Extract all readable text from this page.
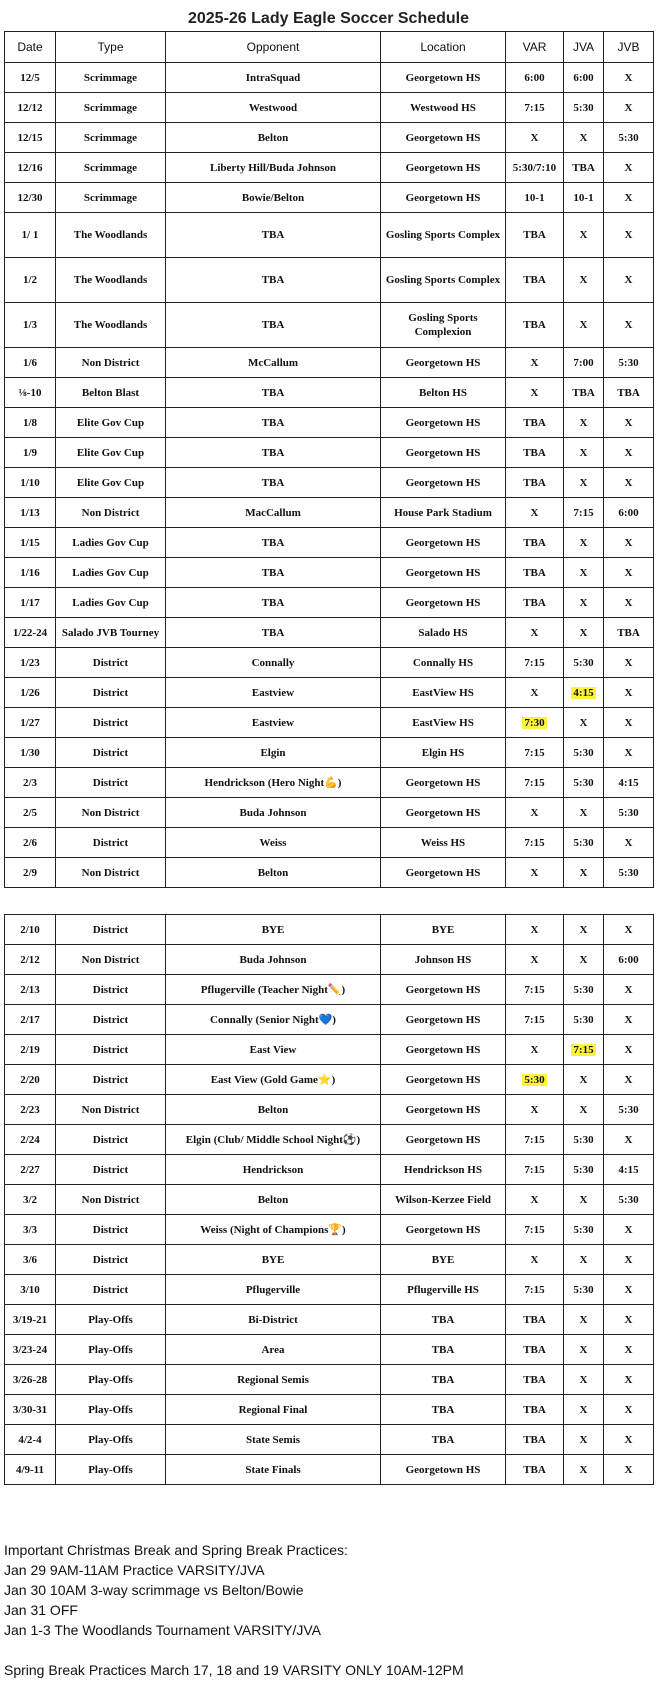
2025-26 Lady Eagle Soccer Schedule
Date	Type	Opponent	Location	VAR	JVA	JVB
12/5	Scrimmage	IntraSquad	Georgetown HS	6:00	6:00	X
12/12	Scrimmage	Westwood	Westwood HS	7:15	5:30	X
12/15	Scrimmage	Belton	Georgetown HS	X	X	5:30
12/16	Scrimmage	Liberty Hill/Buda Johnson	Georgetown HS	5:30/7:10	TBA	X
12/30	Scrimmage	Bowie/Belton	Georgetown HS	10-1	10-1	X
1/ 1	The Woodlands	TBA	Gosling Sports Complex	TBA	X	X
1/2	The Woodlands	TBA	Gosling Sports Complex	TBA	X	X
1/3	The Woodlands	TBA	Gosling Sports Complexion	TBA	X	X
1/6	Non District	McCallum	Georgetown HS	X	7:00	5:30
⅛-10	Belton Blast	TBA	Belton HS	X	TBA	TBA
1/8	Elite Gov Cup	TBA	Georgetown HS	TBA	X	X
1/9	Elite Gov Cup	TBA	Georgetown HS	TBA	X	X
1/10	Elite Gov Cup	TBA	Georgetown HS	TBA	X	X
1/13	Non District	MacCallum	House Park Stadium	X	7:15	6:00
1/15	Ladies Gov Cup	TBA	Georgetown HS	TBA	X	X
1/16	Ladies Gov Cup	TBA	Georgetown HS	TBA	X	X
1/17	Ladies Gov Cup	TBA	Georgetown HS	TBA	X	X
1/22-24	Salado JVB Tourney	TBA	Salado HS	X	X	TBA
1/23	District	Connally	Connally HS	7:15	5:30	X
1/26	District	Eastview	EastView HS	X	4:15	X
1/27	District	Eastview	EastView HS	7:30	X	X
1/30	District	Elgin	Elgin HS	7:15	5:30	X
2/3	District	Hendrickson (Hero Night💪)	Georgetown HS	7:15	5:30	4:15
2/5	Non District	Buda Johnson	Georgetown HS	X	X	5:30
2/6	District	Weiss	Weiss HS	7:15	5:30	X
2/9	Non District	Belton	Georgetown HS	X	X	5:30
2/10	District	BYE	BYE	X	X	X
2/12	Non District	Buda Johnson	Johnson HS	X	X	6:00
2/13	District	Pflugerville (Teacher Night✏️)	Georgetown HS	7:15	5:30	X
2/17	District	Connally (Senior Night💙)	Georgetown HS	7:15	5:30	X
2/19	District	East View	Georgetown HS	X	7:15	X
2/20	District	East View (Gold Game⭐)	Georgetown HS	5:30	X	X
2/23	Non District	Belton	Georgetown HS	X	X	5:30
2/24	District	Elgin (Club/ Middle School Night⚽)	Georgetown HS	7:15	5:30	X
2/27	District	Hendrickson	Hendrickson HS	7:15	5:30	4:15
3/2	Non District	Belton	Wilson-Kerzee Field	X	X	5:30
3/3	District	Weiss (Night of Champions🏆)	Georgetown HS	7:15	5:30	X
3/6	District	BYE	BYE	X	X	X
3/10	District	Pflugerville	Pflugerville HS	7:15	5:30	X
3/19-21	Play-Offs	Bi-District	TBA	TBA	X	X
3/23-24	Play-Offs	Area	TBA	TBA	X	X
3/26-28	Play-Offs	Regional Semis	TBA	TBA	X	X
3/30-31	Play-Offs	Regional Final	TBA	TBA	X	X
4/2-4	Play-Offs	State Semis	TBA	TBA	X	X
4/9-11	Play-Offs	State Finals	Georgetown HS	TBA	X	X
Important Christmas Break and Spring Break Practices:
Jan 29 9AM-11AM Practice VARSITY/JVA
Jan 30 10AM 3-way scrimmage vs Belton/Bowie
Jan 31 OFF
Jan 1-3 The Woodlands Tournament VARSITY/JVA
Spring Break Practices March 17, 18 and 19 VARSITY ONLY 10AM-12PM
